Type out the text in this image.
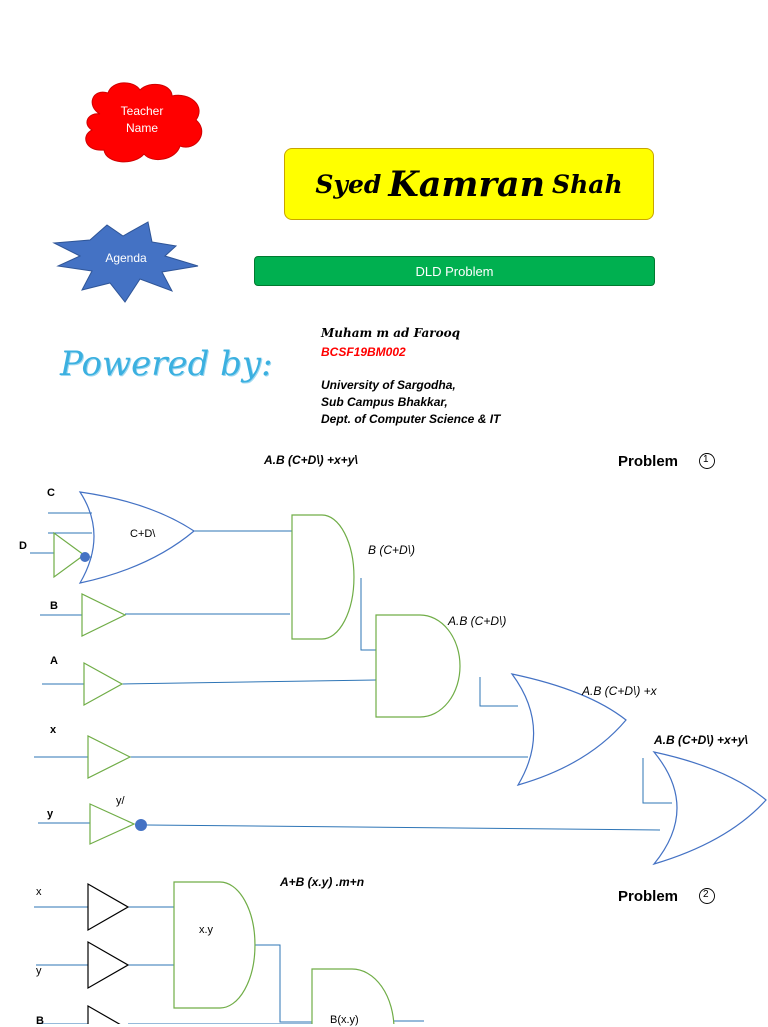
Teacher
Name
Agenda
Syed Kamran Shah
DLD Problem
Powered by:
Muham m ad Farooq
BCSF19BM002
University of Sargodha,
Sub Campus Bhakkar,
Dept. of Computer Science & IT
A.B (C+D\) +x+y\	Problem 1
C
D
B
A
x
y
y/
C+D\
B (C+D\)
A.B (C+D\)
A.B (C+D\) +x
A.B (C+D\) +x+y\
A+B (x.y) .m+n
Problem 2
x
y
B
x.y
B(x.y)
